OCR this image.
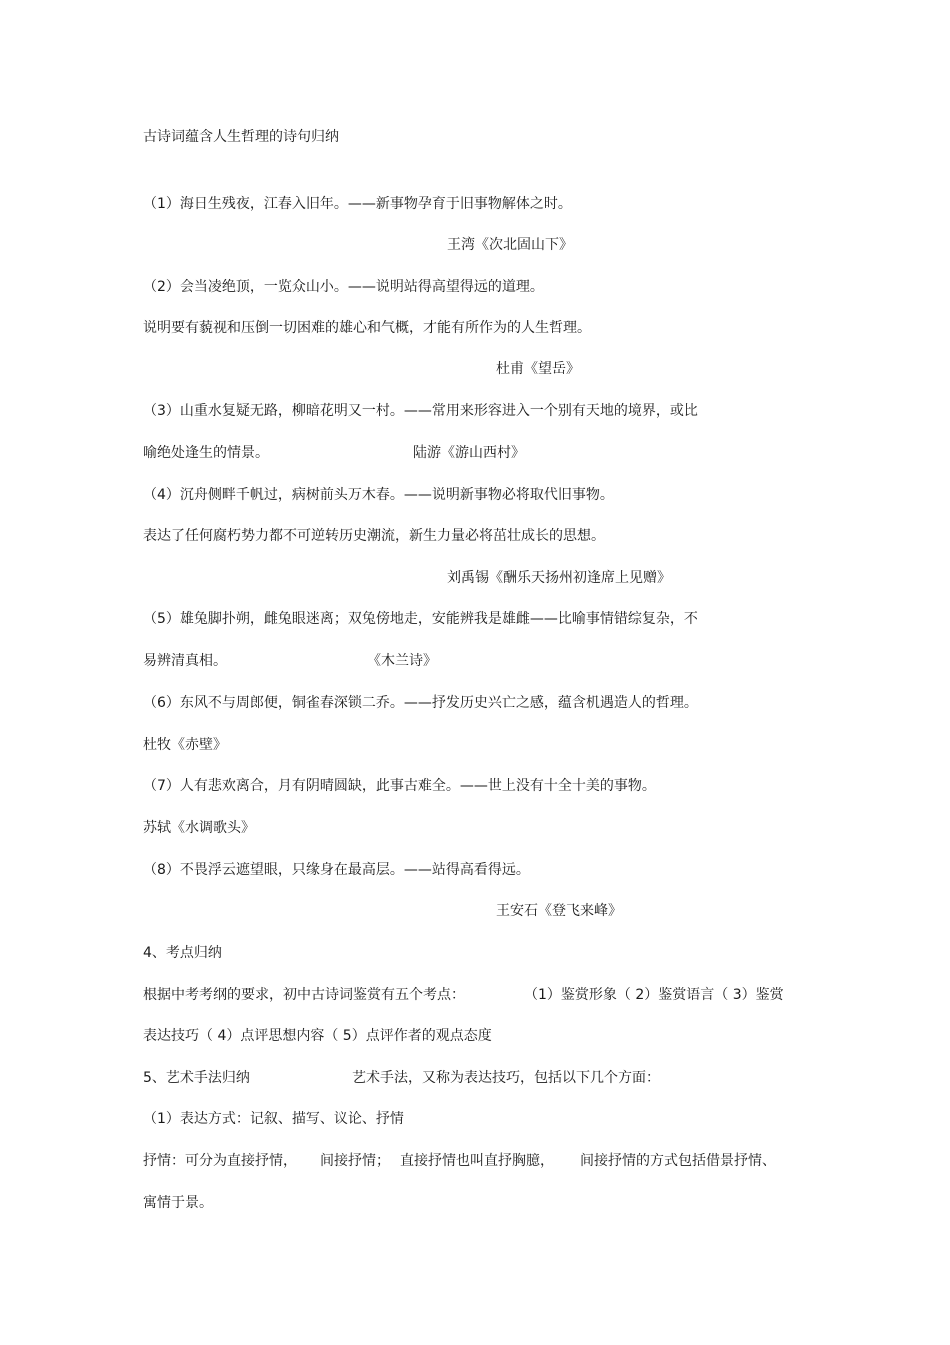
古诗词蕴含人生哲理的诗句归纳
（1）海日生残夜，江春入旧年。——新事物孕育于旧事物解体之时。
王湾《次北固山下》
（2）会当凌绝顶，一览众山小。——说明站得高望得远的道理。
说明要有藐视和压倒一切困难的雄心和气概，才能有所作为的人生哲理。
杜甫《望岳》
（3）山重水复疑无路，柳暗花明又一村。——常用来形容进入一个别有天地的境界，或比
喻绝处逢生的情景。	陆游《游山西村》
（4）沉舟侧畔千帆过，病树前头万木春。——说明新事物必将取代旧事物。
表达了任何腐朽势力都不可逆转历史潮流，新生力量必将茁壮成长的思想。
刘禹锡《酬乐天扬州初逢席上见赠》
（5）雄兔脚扑朔，雌兔眼迷离；双兔傍地走，安能辨我是雄雌——比喻事情错综复杂，不
易辨清真相。	《木兰诗》
（6）东风不与周郎便，铜雀春深锁二乔。——抒发历史兴亡之感，蕴含机遇造人的哲理。
杜牧《赤壁》
（7）人有悲欢离合，月有阴晴圆缺，此事古难全。——世上没有十全十美的事物。
苏轼《水调歌头》
（8）不畏浮云遮望眼，只缘身在最高层。——站得高看得远。
王安石《登飞来峰》
4、考点归纳
根据中考考纲的要求，初中古诗词鉴赏有五个考点：	（1）鉴赏形象（ 2）鉴赏语言（ 3）鉴赏
表达技巧（ 4）点评思想内容（ 5）点评作者的观点态度
5、艺术手法归纳	艺术手法，又称为表达技巧，包括以下几个方面：
（1）表达方式：记叙、描写、议论、抒情
抒情：可分为直接抒情， 间接抒情； 直接抒情也叫直抒胸臆， 间接抒情的方式包括借景抒情、
寓情于景。
